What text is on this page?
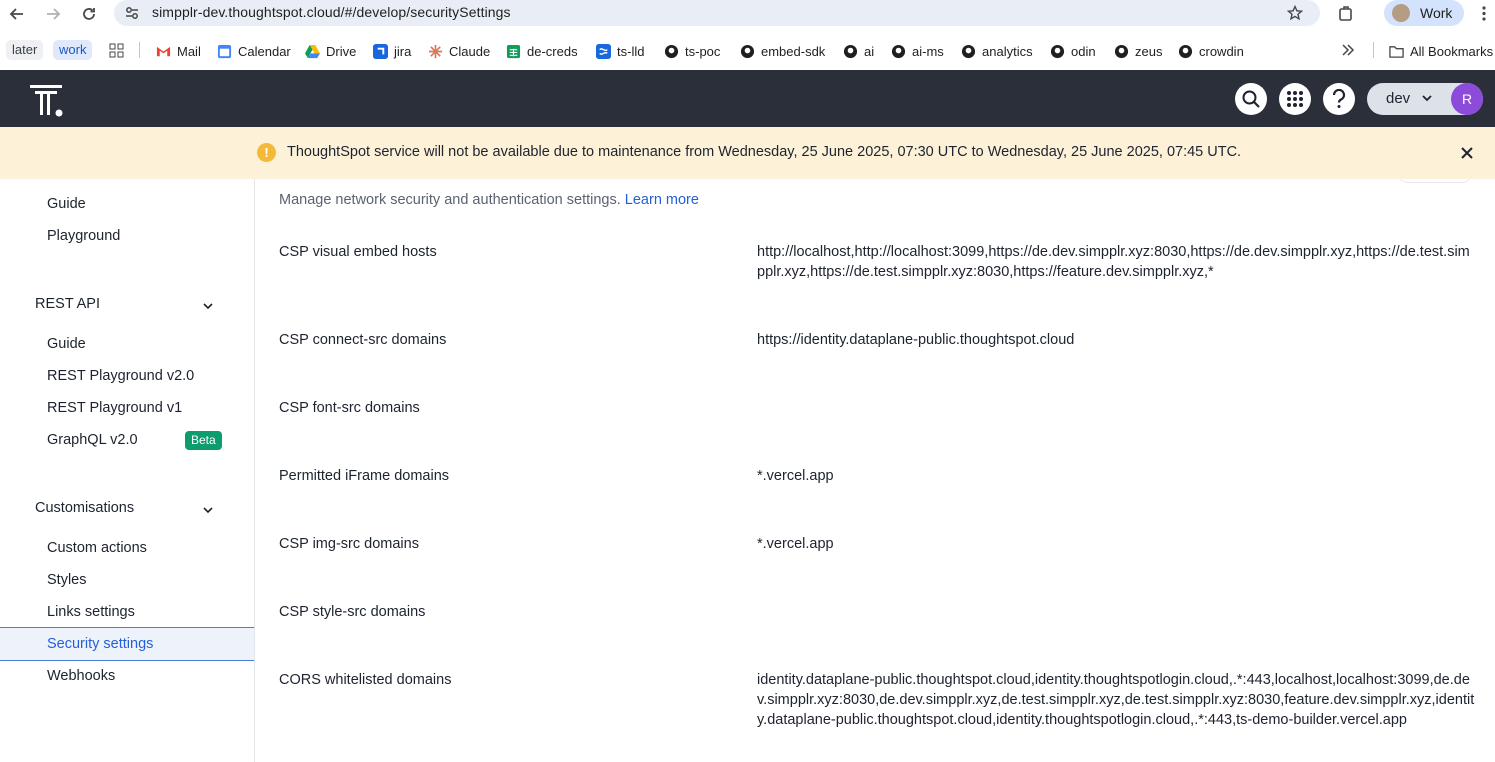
simpplr-dev.thoughtspot.cloud/#/develop/securitySettings	Work
later	work	Mail	Calendar	Drive	jira	Claude	de-creds	ts-lld	ts-poc	embed-sdk	ai	ai-ms	analytics	odin	zeus	crowdin	All Bookmarks
dev	R
!	ThoughtSpot service will not be available due to maintenance from Wednesday, 25 June 2025, 07:30 UTC to Wednesday, 25 June 2025, 07:45 UTC.
Guide
Playground
REST API
Guide
REST Playground v2.0
REST Playground v1
GraphQL v2.0	Beta
Customisations
Custom actions
Styles
Links settings
Security settings
Webhooks
Manage network security and authentication settings. Learn more
CSP visual embed hosts	http://localhost,http://localhost:3099,https://de.dev.simpplr.xyz:8030,https://de.dev.simpplr.xyz,https://de.test.simpplr.xyz,https://de.test.simpplr.xyz:8030,https://feature.dev.simpplr.xyz,*
CSP connect-src domains	https://identity.dataplane-public.thoughtspot.cloud
CSP font-src domains
Permitted iFrame domains	*.vercel.app
CSP img-src domains	*.vercel.app
CSP style-src domains
CORS whitelisted domains	identity.dataplane-public.thoughtspot.cloud,identity.thoughtspotlogin.cloud,.*:443,localhost,localhost:3099,de.dev.simpplr.xyz:8030,de.dev.simpplr.xyz,de.test.simpplr.xyz,de.test.simpplr.xyz:8030,feature.dev.simpplr.xyz,identity.dataplane-public.thoughtspot.cloud,identity.thoughtspotlogin.cloud,.*:443,ts-demo-builder.vercel.app
